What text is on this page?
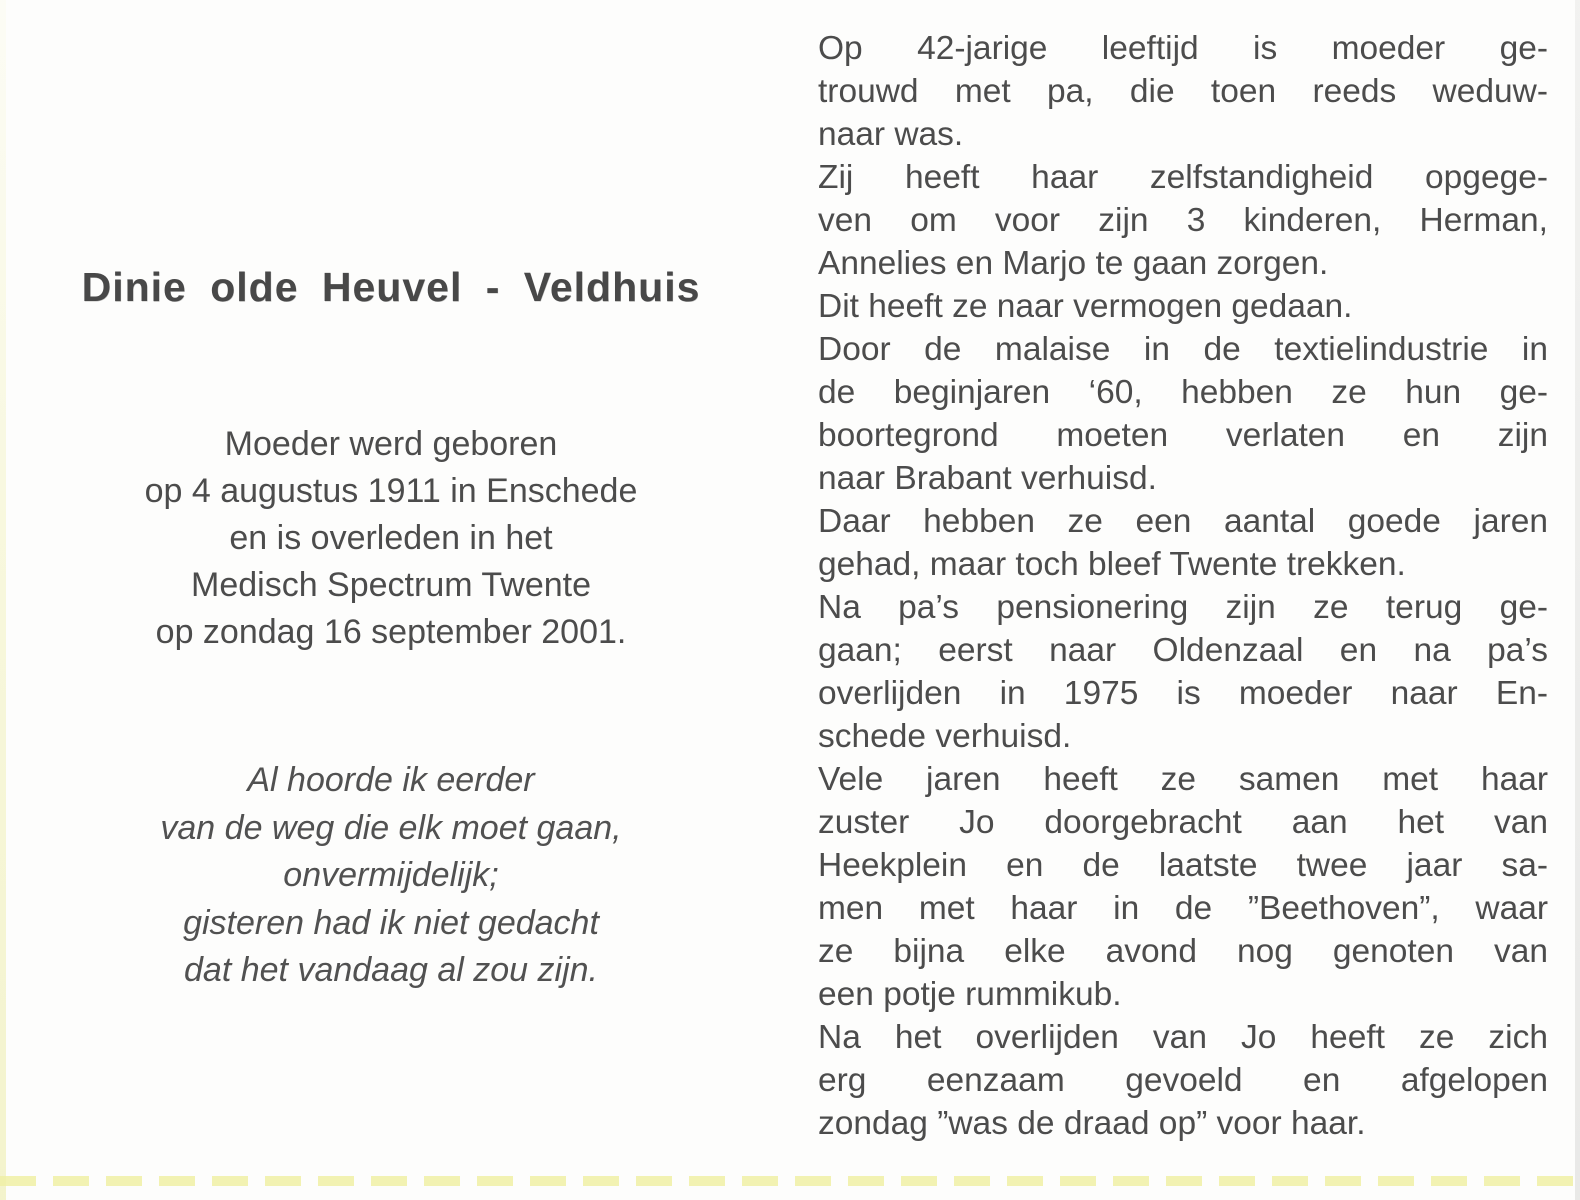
Dinie olde Heuvel - Veldhuis
Moeder werd geboren
op 4 augustus 1911 in Enschede
en is overleden in het
Medisch Spectrum Twente
op zondag 16 september 2001.
Al hoorde ik eerder
van de weg die elk moet gaan,
onvermijdelijk;
gisteren had ik niet gedacht
dat het vandaag al zou zijn.
Op 42-jarige leeftijd is moeder ge-
trouwd met pa, die toen reeds weduw-
naar was.
Zij heeft haar zelfstandigheid opgege-
ven om voor zijn 3 kinderen, Herman,
Annelies en Marjo te gaan zorgen.
Dit heeft ze naar vermogen gedaan.
Door de malaise in de textielindustrie in
de beginjaren ‘60, hebben ze hun ge-
boortegrond moeten verlaten en zijn
naar Brabant verhuisd.
Daar hebben ze een aantal goede jaren
gehad, maar toch bleef Twente trekken.
Na pa’s pensionering zijn ze terug ge-
gaan; eerst naar Oldenzaal en na pa’s
overlijden in 1975 is moeder naar En-
schede verhuisd.
Vele jaren heeft ze samen met haar
zuster Jo doorgebracht aan het van
Heekplein en de laatste twee jaar sa-
men met haar in de ”Beethoven”, waar
ze bijna elke avond nog genoten van
een potje rummikub.
Na het overlijden van Jo heeft ze zich
erg eenzaam gevoeld en afgelopen
zondag ”was de draad op” voor haar.
